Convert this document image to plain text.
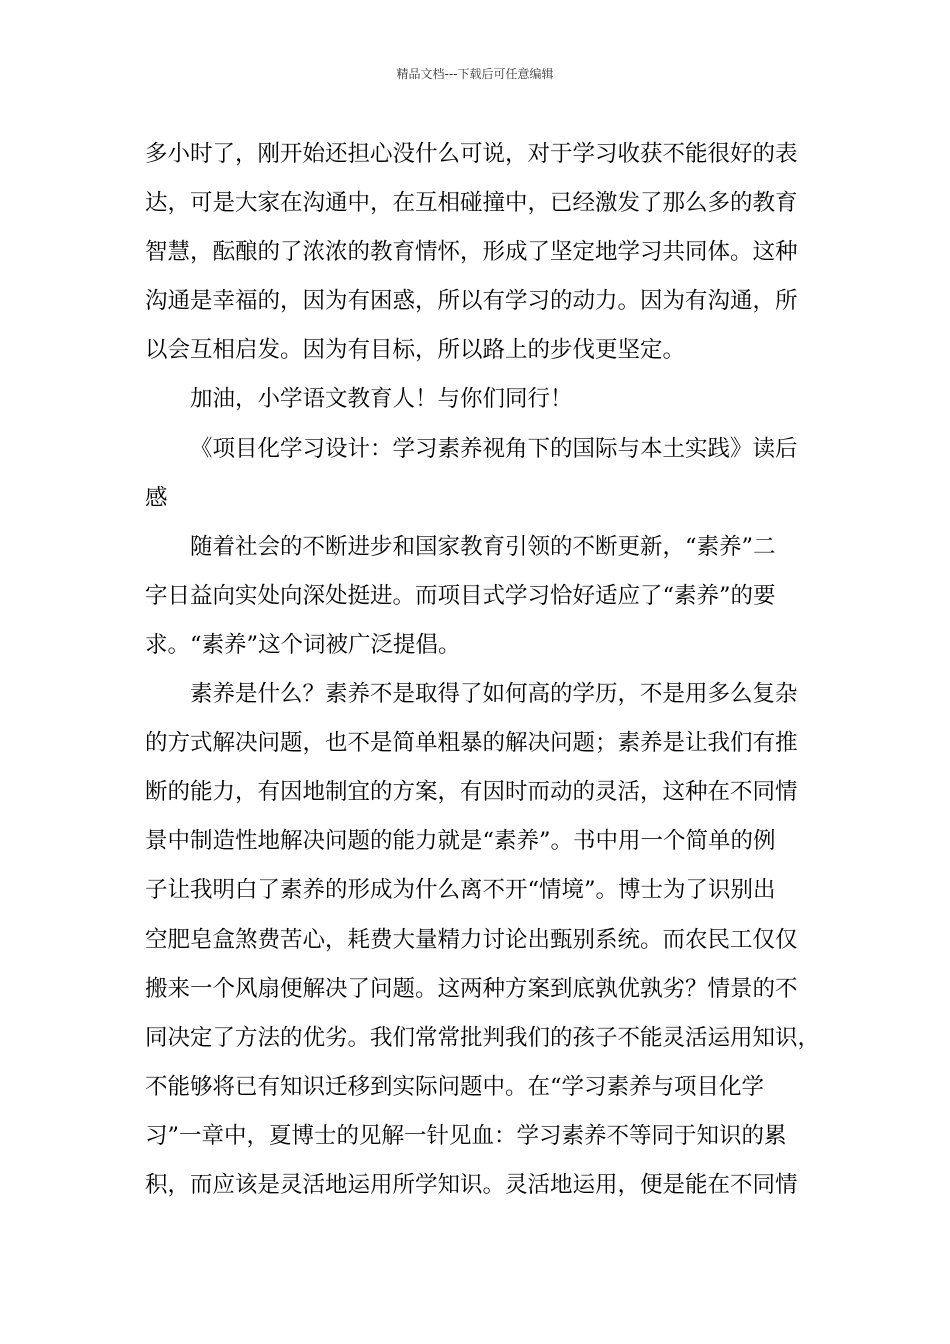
精品文档---下载后可任意编辑
多小时了，刚开始还担心没什么可说，对于学习收获不能很好的表
达，可是大家在沟通中，在互相碰撞中，已经激发了那么多的教育
智慧，酝酿的了浓浓的教育情怀，形成了坚定地学习共同体。这种
沟通是幸福的，因为有困惑，所以有学习的动力。因为有沟通，所
以会互相启发。因为有目标，所以路上的步伐更坚定。
加油，小学语文教育人！与你们同行！
《项目化学习设计：学习素养视角下的国际与本土实践》读后
感
随着社会的不断进步和国家教育引领的不断更新，“素养”二
字日益向实处向深处挺进。而项目式学习恰好适应了“素养”的要
求。“素养”这个词被广泛提倡。
素养是什么？素养不是取得了如何高的学历，不是用多么复杂
的方式解决问题，也不是简单粗暴的解决问题；素养是让我们有推
断的能力，有因地制宜的方案，有因时而动的灵活，这种在不同情
景中制造性地解决问题的能力就是“素养”。书中用一个简单的例
子让我明白了素养的形成为什么离不开“情境”。博士为了识别出
空肥皂盒煞费苦心，耗费大量精力讨论出甄别系统。而农民工仅仅
搬来一个风扇便解决了问题。这两种方案到底孰优孰劣？情景的不
同决定了方法的优劣。我们常常批判我们的孩子不能灵活运用知识，
不能够将已有知识迁移到实际问题中。在“学习素养与项目化学
习”一章中，夏博士的见解一针见血：学习素养不等同于知识的累
积，而应该是灵活地运用所学知识。灵活地运用，便是能在不同情
